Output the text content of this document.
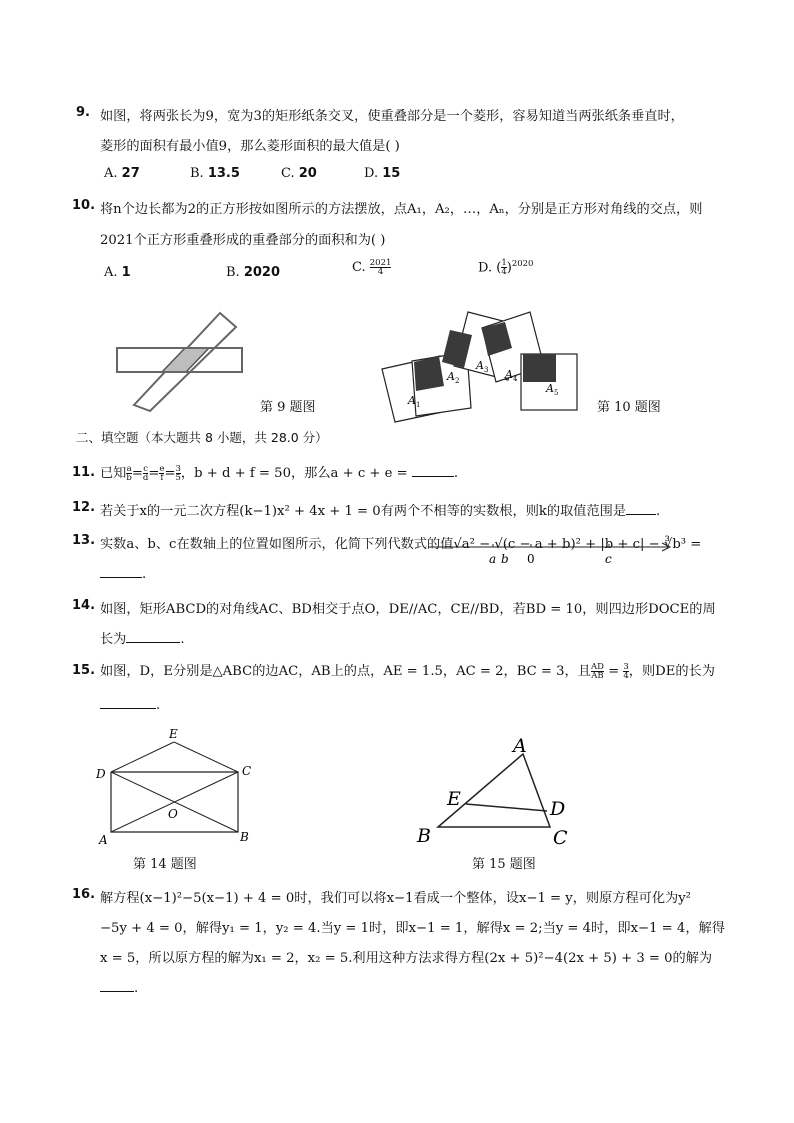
9. 如图，将两张长为9，宽为3的矩形纸条交叉，使重叠部分是一个菱形，容易知道当两张纸条垂直时，
菱形的面积有最小值9，那么菱形面积的最大值是( )
A. 27	B. 13.5	C. 20	D. 15
10. 将n个边长都为2的正方形按如图所示的方法摆放，点A₁，A₂，…，Aₙ，分别是正方形对角线的交点，则
2021个正方形重叠形成的重叠部分的面积和为( )
A. 1	B. 2020	C. $\frac{2021}{4}$	D. ( $\frac{1}{4} )^{2020}$
第 9 题图	A 1
A 2
A 3 A 4
A 5
第 10 题图
二、填空题（本大题共 8 小题，共 28.0 分）
11. 已知 $\frac{a}{b} = \frac{c}{d} = \frac{e}{f} = \frac{3}{5}$ ，b + d + f = 50，那么a + c + e =	.
12. 若关于x的一元二次方程(k−1)x² + 4x + 1 = 0有两个不相等的实数根，则k的取值范围是 .
13. 实数a、b、c在数轴上的位置如图所示，化简下列代数式的值√a² − √(c − a + b)² + |b + c| − ∛b³ =
a b 0	c
.
14. 如图，矩形ABCD的对角线AC、BD相交于点O，DE//AC，CE//BD，若BD = 10，则四边形DOCE的周
长为	.
15. 如图，D，E分别是△ABC的边AC，AB上的点，AE = 1.5，AC = 2，BC = 3，且 $\frac{AD}{AB} = \frac{3}{4}$ ，则DE的长为
.
E
D	C
O
A	B
第 14 题图
A
E	D
B	C
第 15 题图
16. 解方程(x−1)²−5(x−1) + 4 = 0时，我们可以将x−1看成一个整体，设x−1 = y，则原方程可化为y²
−5y + 4 = 0，解得y₁ = 1，y₂ = 4.当y = 1时，即x−1 = 1，解得x = 2;当y = 4时，即x−1 = 4，解得
x = 5，所以原方程的解为x₁ = 2，x₂ = 5.利用这种方法求得方程(2x + 5)²−4(2x + 5) + 3 = 0的解为
.
